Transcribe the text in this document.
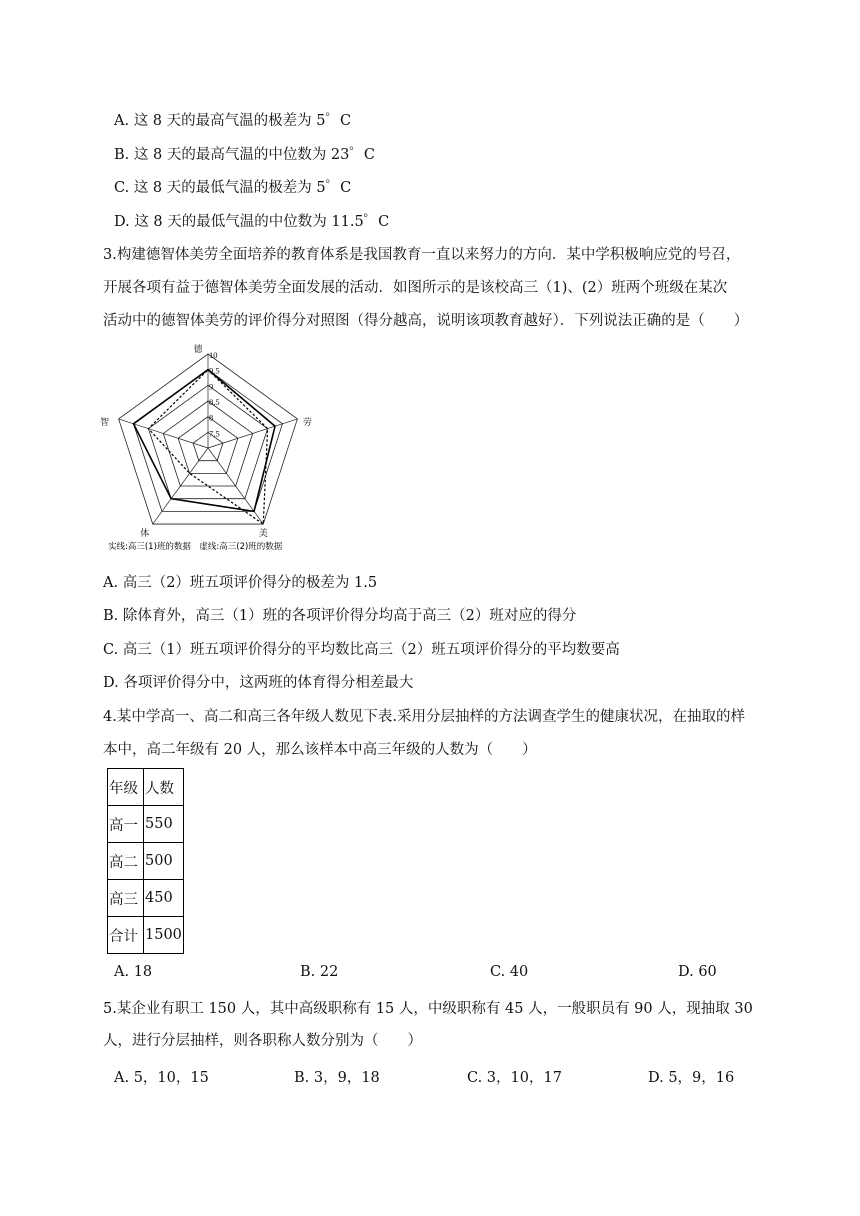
A. 这 8 天的最高气温的极差为 5゜C
B. 这 8 天的最高气温的中位数为 23゜C
C. 这 8 天的最低气温的极差为 5゜C
D. 这 8 天的最低气温的中位数为 11.5゜C
3.构建德智体美劳全面培养的教育体系是我国教育一直以来努力的方向．某中学积极响应党的号召，
开展各项有益于德智体美劳全面发展的活动．如图所示的是该校高三（1)、(2）班两个班级在某次
活动中的德智体美劳的评价得分对照图（得分越高，说明该项教育越好）．下列说法正确的是（　　）
7.5
8
8.5
9
9.5
10
德
劳
美
体
智
实线:高三(1)班的数据　虚线:高三(2)班的数据
A. 高三（2）班五项评价得分的极差为 1.5
B. 除体育外，高三（1）班的各项评价得分均高于高三（2）班对应的得分
C. 高三（1）班五项评价得分的平均数比高三（2）班五项评价得分的平均数要高
D. 各项评价得分中，这两班的体育得分相差最大
4.某中学高一、高二和高三各年级人数见下表.采用分层抽样的方法调查学生的健康状况，在抽取的样
本中，高二年级有 20 人，那么该样本中高三年级的人数为（　　）
年级	人数
高一	550
高二	500
高三	450
合计	1500
A. 18	B. 22	C. 40	D. 60
5.某企业有职工 150 人，其中高级职称有 15 人，中级职称有 45 人，一般职员有 90 人，现抽取 30
人，进行分层抽样，则各职称人数分别为（　　）
A. 5，10，15	B. 3，9，18	C. 3，10，17	D. 5，9，16
